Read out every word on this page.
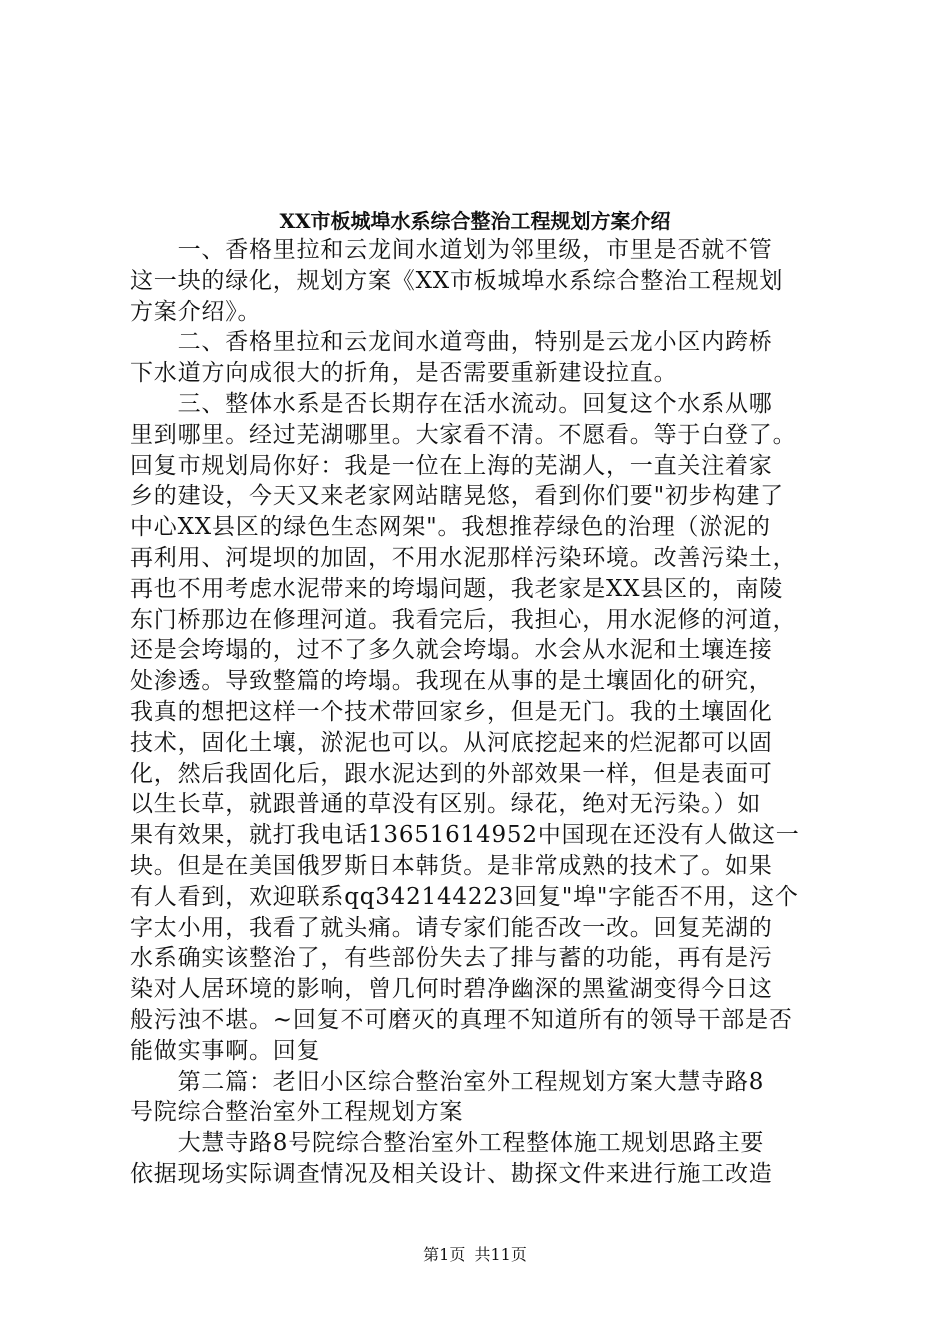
XX市板城埠水系综合整治工程规划方案介绍

　　一、香格里拉和云龙间水道划为邻里级，市里是否就不管

这一块的绿化，规划方案《XX市板城埠水系综合整治工程规划

方案介绍》。

　　二、香格里拉和云龙间水道弯曲，特别是云龙小区内跨桥

下水道方向成很大的折角，是否需要重新建设拉直。

　　三、整体水系是否长期存在活水流动。回复这个水系从哪

里到哪里。经过芜湖哪里。大家看不清。不愿看。等于白登了。

回复市规划局你好：我是一位在上海的芜湖人，一直关注着家

乡的建设，今天又来老家网站瞎晃悠，看到你们要"初步构建了

中心XX县区的绿色生态网架"。我想推荐绿色的治理（淤泥的

再利用、河堤坝的加固，不用水泥那样污染环境。改善污染土，

再也不用考虑水泥带来的垮塌问题，我老家是XX县区的，南陵

东门桥那边在修理河道。我看完后，我担心，用水泥修的河道，

还是会垮塌的，过不了多久就会垮塌。水会从水泥和土壤连接

处渗透。导致整篇的垮塌。我现在从事的是土壤固化的研究，

我真的想把这样一个技术带回家乡，但是无门。我的土壤固化

技术，固化土壤，淤泥也可以。从河底挖起来的烂泥都可以固

化，然后我固化后，跟水泥达到的外部效果一样，但是表面可

以生长草，就跟普通的草没有区别。绿花，绝对无污染。）如

果有效果，就打我电话13651614952中国现在还没有人做这一

块。但是在美国俄罗斯日本韩货。是非常成熟的技术了。如果

有人看到，欢迎联系qq342144223回复"埠"字能否不用，这个

字太小用，我看了就头痛。请专家们能否改一改。回复芜湖的

水系确实该整治了，有些部份失去了排与蓄的功能，再有是污

染对人居环境的影响，曾几何时碧净幽深的黑鲨湖变得今日这

般污浊不堪。~回复不可磨灭的真理不知道所有的领导干部是否

能做实事啊。回复

　　第二篇：老旧小区综合整治室外工程规划方案大慧寺路8

号院综合整治室外工程规划方案

　　大慧寺路8号院综合整治室外工程整体施工规划思路主要

依据现场实际调查情况及相关设计、勘探文件来进行施工改造

第1页 共11页
